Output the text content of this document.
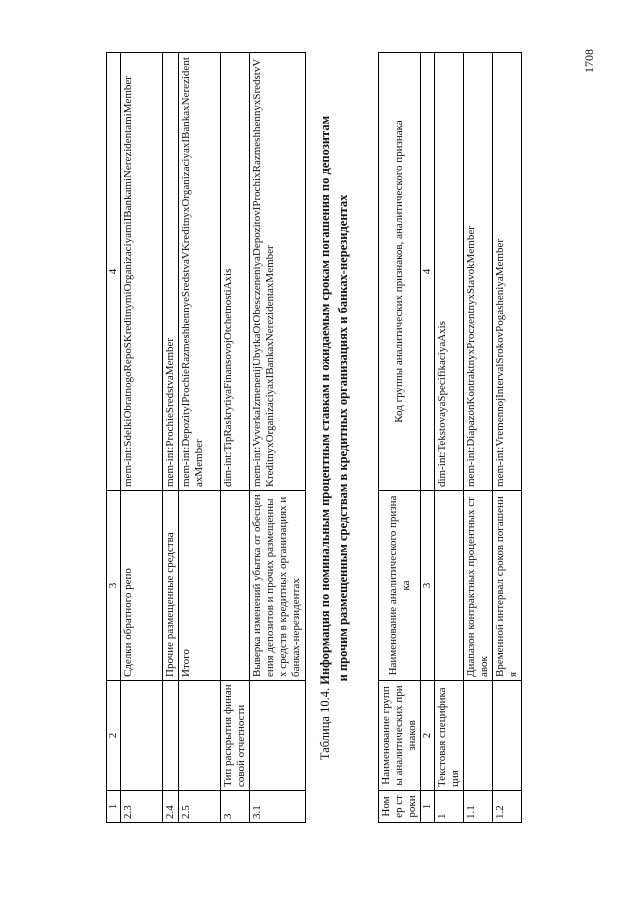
1708
1	2	3	4
2.3		Сделки обратного репо	mem-int:SdelkiObratnogoRepoSKreditnymiOrganizaciyamiIBankamiNerezidentamiMember
2.4		Прочие размещенные средства	mem-int:ProchieSredstvaMember
2.5		Итого	mem-int:DepozityIProchieRazmeshhennyeSredstvaVKreditnyxOrganizaciyaxIBankaxNerezidentaxMember
3	Тип раскрытия финансовой отчетности		dim-int:TipRaskrytiyaFinansovojOtchetnostiAxis
3.1		Выверка изменений убытка от обесценения депозитов и прочих размещенных средств в кредитных организациях и банках-нерезидентах	mem-int:VyverkaIzmenenijUbytkaOtObesczeneniyaDepozitovIProchixRazmeshhennyxSredstvVKreditnyxOrganizaciyaxIBankaxNerezidentaxMember
Таблица 10.4. Информация по номинальным процентным ставкам и ожидаемым срокам погашения по депозитам и прочим размещенным средствам в кредитных организациях и банках-нерезидентах
Номер строки	Наименование группы аналитических признаков	Наименование аналитического признака	Код группы аналитических признаков, аналитического признака
1	2	3	4
1	Текстовая спецификация		dim-int:TekstovayaSpecifikaciyaAxis
1.1		Диапазон контрактных процентных ставок	mem-int:DiapazonKontraktnyxProczentnyxStavokMember
1.2		Временной интервал сроков погашения	mem-int:VremennojIntervalSrokovPogasheniyaMember
